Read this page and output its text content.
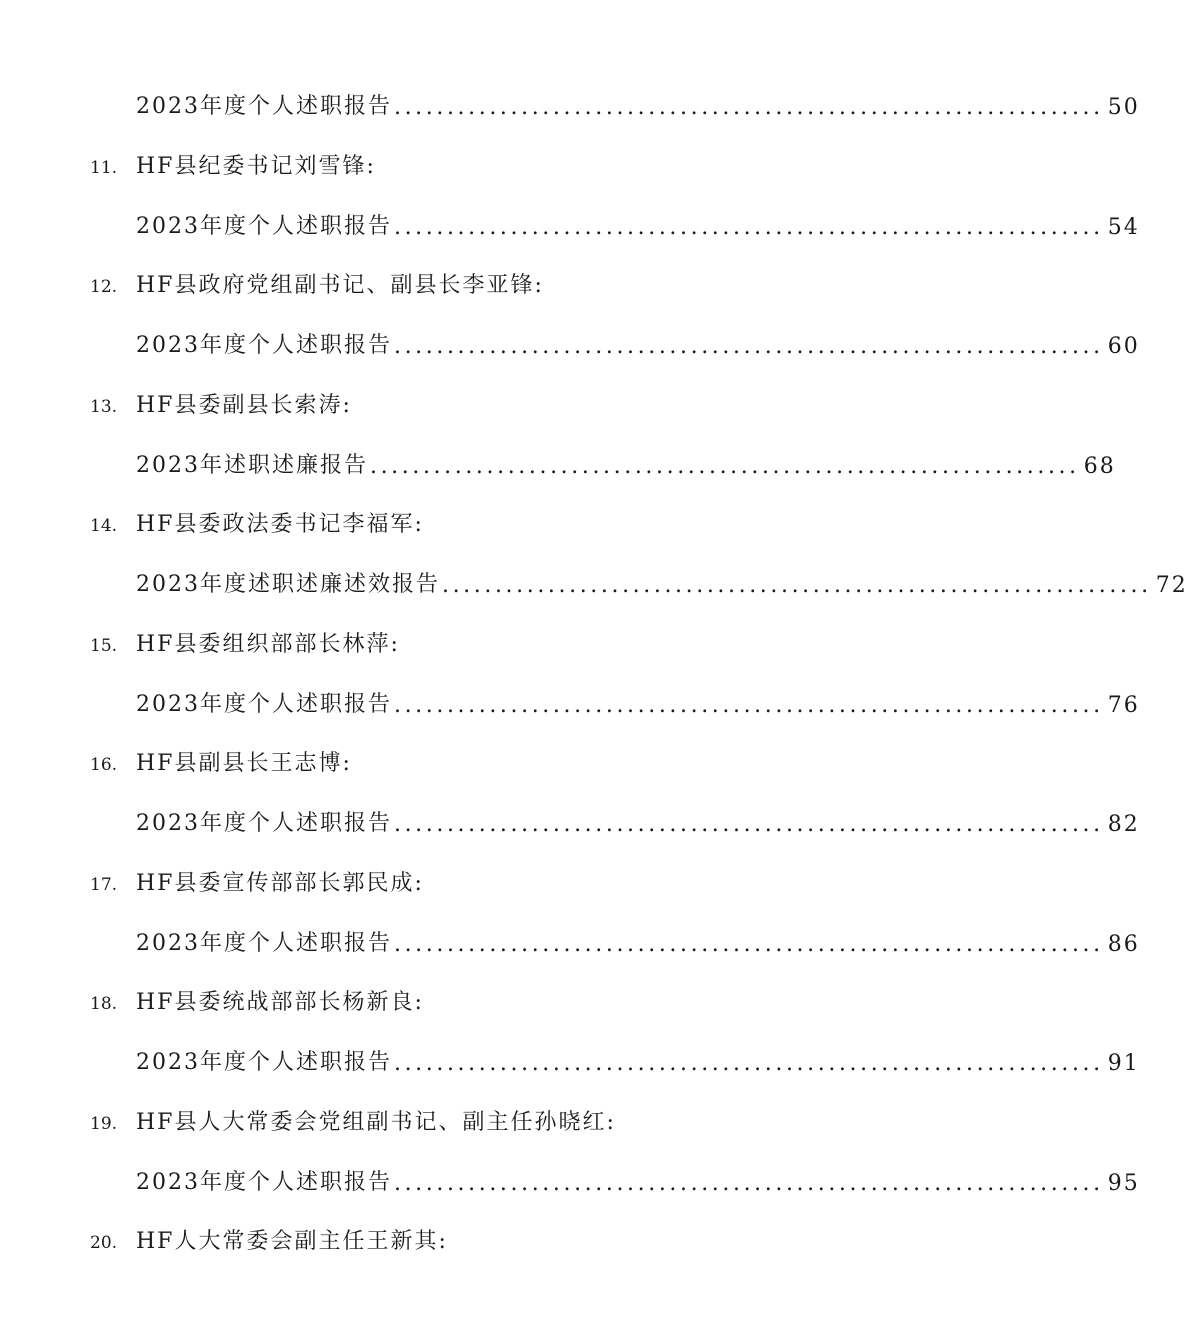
2023年度个人述职报告 ................................................................... 50
11. HF县纪委书记刘雪锋:
2023年度个人述职报告 ................................................................... 54
12. HF县政府党组副书记、副县长李亚锋:
2023年度个人述职报告 ................................................................... 60
13. HF县委副县长索涛:
2023年述职述廉报告 ................................................................... 68
14. HF县委政法委书记李福军:
2023年度述职述廉述效报告 ................................................................... 72
15. HF县委组织部部长林萍:
2023年度个人述职报告 ................................................................... 76
16. HF县副县长王志博:
2023年度个人述职报告 ................................................................... 82
17. HF县委宣传部部长郭民成:
2023年度个人述职报告 ................................................................... 86
18. HF县委统战部部长杨新良:
2023年度个人述职报告 ................................................................... 91
19. HF县人大常委会党组副书记、副主任孙晓红:
2023年度个人述职报告 ................................................................... 95
20. HF人大常委会副主任王新其:
